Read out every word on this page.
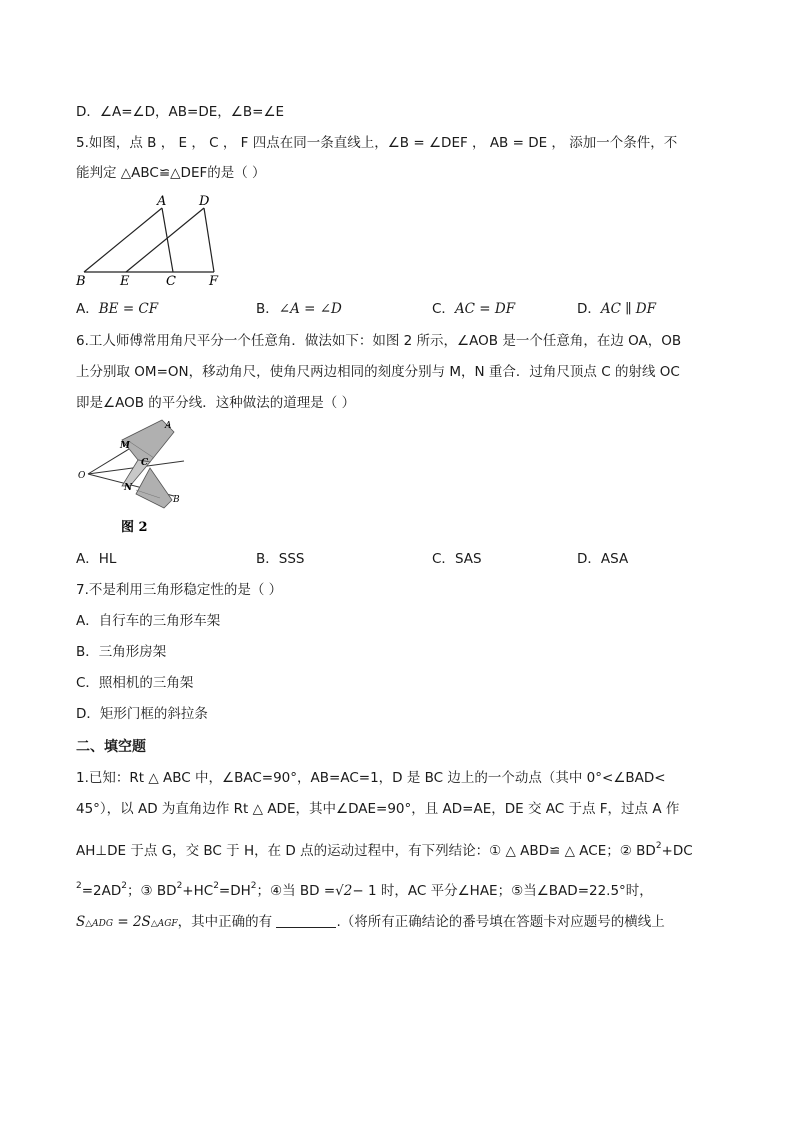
D．∠A=∠D，AB=DE，∠B=∠E
5.如图，点 B ， E ， C ， F 四点在同一条直线上，∠B = ∠DEF ， AB = DE ， 添加一个条件，不
能判定 △ABC≌△DEF的是（ ）
A	D
B	E	C	F
A．BE = CF	B．∠A = ∠D	C．AC = DF	D．AC ∥ DF
6.工人师傅常用角尺平分一个任意角．做法如下：如图 2 所示，∠AOB 是一个任意角，在边 OA，OB
上分别取 OM=ON，移动角尺，使角尺两边相同的刻度分别与 M，N 重合．过角尺顶点 C 的射线 OC
即是∠AOB 的平分线．这种做法的道理是（ ）
A
B
O
M
N
C
图 2
A．HL	B．SSS	C．SAS	D．ASA
7.不是利用三角形稳定性的是（ ）
A．自行车的三角形车架
B．三角形房架
C．照相机的三角架
D．矩形门框的斜拉条
二、填空题
1.已知：Rt △ ABC 中，∠BAC=90°，AB=AC=1，D 是 BC 边上的一个动点（其中 0°<∠BAD<
45°），以 AD 为直角边作 Rt △ ADE，其中∠DAE=90°，且 AD=AE，DE 交 AC 于点 F，过点 A 作
AH⊥DE 于点 G，交 BC 于 H，在 D 点的运动过程中，有下列结论：① △ ABD≌ △ ACE；② $BD^2+DC$
$^2=2AD^2$；③ $BD^2+HC^2=DH^2$；④当 BD =√2− 1 时，AC 平分∠HAE；⑤当∠BAD=22.5°时，
S△ADG = 2S△AGF，其中正确的有	.（将所有正确结论的番号填在答题卡对应题号的横线上
